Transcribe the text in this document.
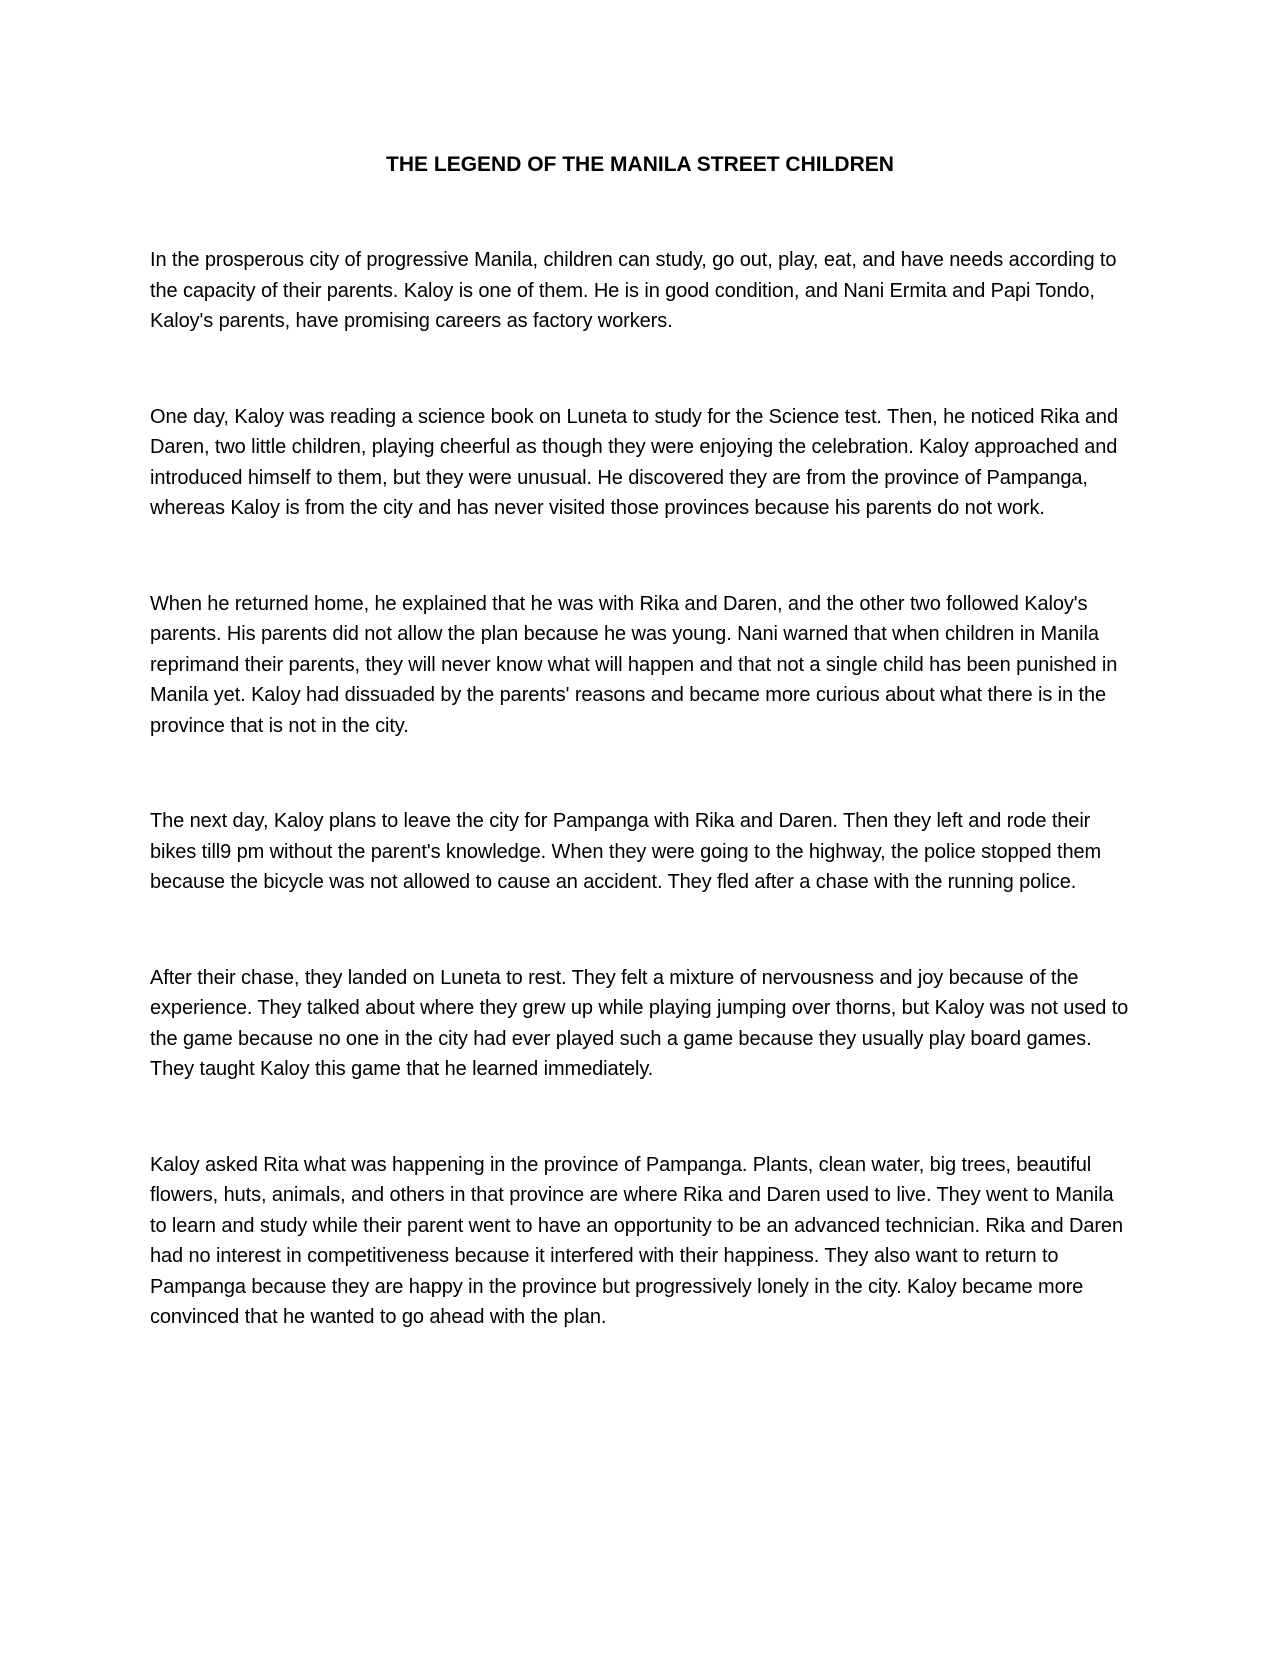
THE LEGEND OF THE MANILA STREET CHILDREN

In the prosperous city of progressive Manila, children can study, go out, play, eat, and have needs according to the capacity of their parents. Kaloy is one of them. He is in good condition, and Nani Ermita and Papi Tondo, Kaloy's parents, have promising careers as factory workers.

One day, Kaloy was reading a science book on Luneta to study for the Science test. Then, he noticed Rika and Daren, two little children, playing cheerful as though they were enjoying the celebration. Kaloy approached and introduced himself to them, but they were unusual. He discovered they are from the province of Pampanga, whereas Kaloy is from the city and has never visited those provinces because his parents do not work.

When he returned home, he explained that he was with Rika and Daren, and the other two followed Kaloy's parents. His parents did not allow the plan because he was young. Nani warned that when children in Manila reprimand their parents, they will never know what will happen and that not a single child has been punished in Manila yet. Kaloy had dissuaded by the parents' reasons and became more curious about what there is in the province that is not in the city.

The next day, Kaloy plans to leave the city for Pampanga with Rika and Daren. Then they left and rode their bikes till9 pm without the parent's knowledge. When they were going to the highway, the police stopped them because the bicycle was not allowed to cause an accident. They fled after a chase with the running police.

After their chase, they landed on Luneta to rest. They felt a mixture of nervousness and joy because of the experience. They talked about where they grew up while playing jumping over thorns, but Kaloy was not used to the game because no one in the city had ever played such a game because they usually play board games. They taught Kaloy this game that he learned immediately.

Kaloy asked Rita what was happening in the province of Pampanga. Plants, clean water, big trees, beautiful flowers, huts, animals, and others in that province are where Rika and Daren used to live. They went to Manila to learn and study while their parent went to have an opportunity to be an advanced technician. Rika and Daren had no interest in competitiveness because it interfered with their happiness. They also want to return to Pampanga because they are happy in the province but progressively lonely in the city. Kaloy became more convinced that he wanted to go ahead with the plan.
